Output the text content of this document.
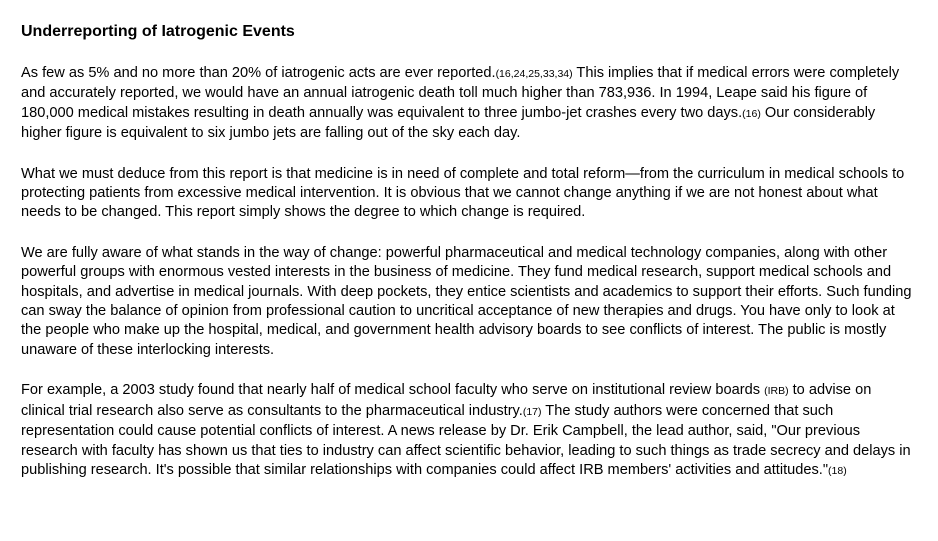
Underreporting of Iatrogenic Events

As few as 5% and no more than 20% of iatrogenic acts are ever reported.(16,24,25,33,34) This implies that if medical errors were completely and accurately reported, we would have an annual iatrogenic death toll much higher than 783,936. In 1994, Leape said his figure of 180,000 medical mistakes resulting in death annually was equivalent to three jumbo-jet crashes every two days.(16) Our considerably higher figure is equivalent to six jumbo jets are falling out of the sky each day.

What we must deduce from this report is that medicine is in need of complete and total reform—from the curriculum in medical schools to protecting patients from excessive medical intervention. It is obvious that we cannot change anything if we are not honest about what needs to be changed. This report simply shows the degree to which change is required.

We are fully aware of what stands in the way of change: powerful pharmaceutical and medical technology companies, along with other powerful groups with enormous vested interests in the business of medicine. They fund medical research, support medical schools and hospitals, and advertise in medical journals. With deep pockets, they entice scientists and academics to support their efforts. Such funding can sway the balance of opinion from professional caution to uncritical acceptance of new therapies and drugs. You have only to look at the people who make up the hospital, medical, and government health advisory boards to see conflicts of interest. The public is mostly unaware of these interlocking interests.

For example, a 2003 study found that nearly half of medical school faculty who serve on institutional review boards (IRB) to advise on clinical trial research also serve as consultants to the pharmaceutical industry.(17) The study authors were concerned that such representation could cause potential conflicts of interest. A news release by Dr. Erik Campbell, the lead author, said, "Our previous research with faculty has shown us that ties to industry can affect scientific behavior, leading to such things as trade secrecy and delays in publishing research. It's possible that similar relationships with companies could affect IRB members' activities and attitudes."(18)
